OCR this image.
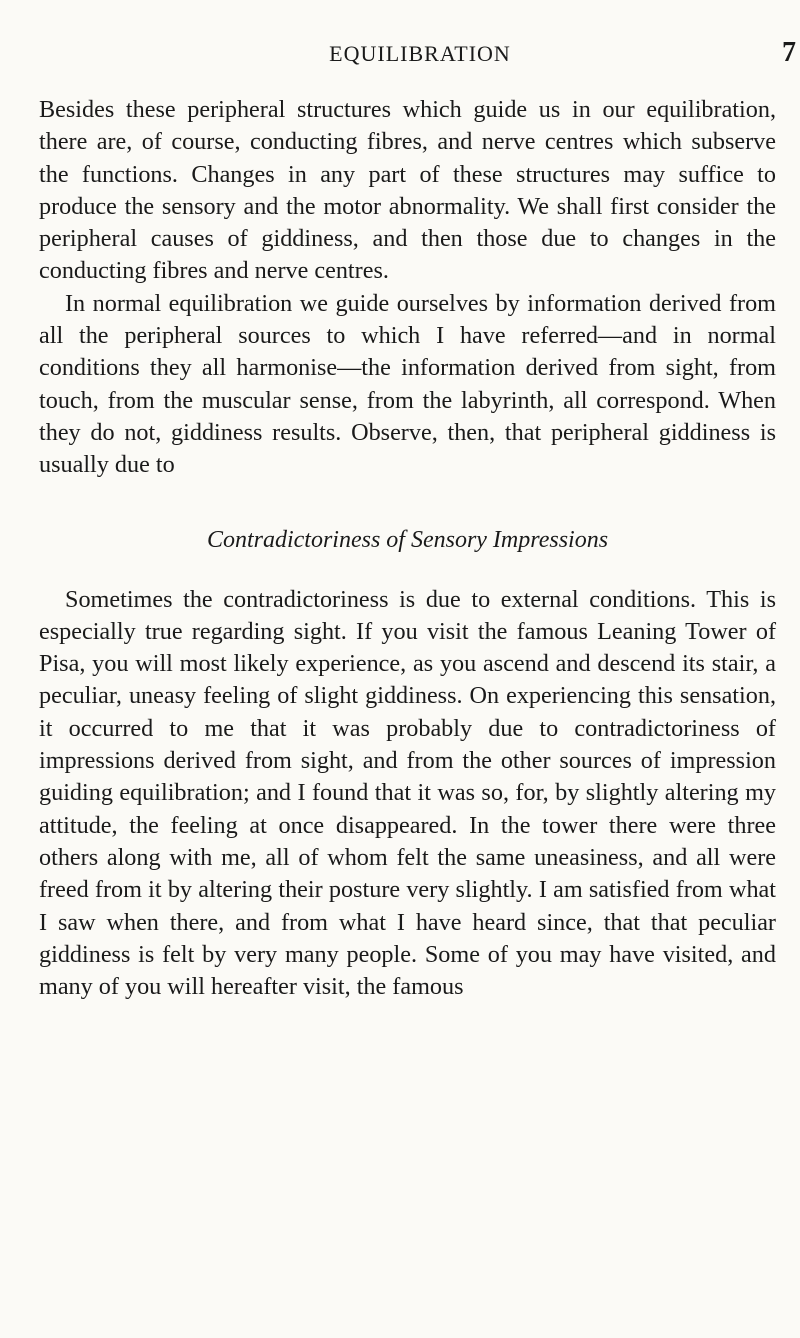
EQUILIBRATION	7

Besides these peripheral structures which guide us in our equilibration, there are, of course, conducting fibres, and nerve centres which subserve the functions. Changes in any part of these structures may suffice to produce the sensory and the motor abnormality. We shall first consider the peripheral causes of giddiness, and then those due to changes in the conducting fibres and nerve centres.

In normal equilibration we guide ourselves by information derived from all the peripheral sources to which I have referred—and in normal conditions they all harmonise—the information derived from sight, from touch, from the muscular sense, from the labyrinth, all correspond. When they do not, giddiness results. Observe, then, that peripheral giddiness is usually due to

Contradictoriness of Sensory Impressions

Sometimes the contradictoriness is due to external conditions. This is especially true regarding sight. If you visit the famous Leaning Tower of Pisa, you will most likely experience, as you ascend and descend its stair, a peculiar, uneasy feeling of slight giddiness. On experiencing this sensation, it occurred to me that it was probably due to contradictoriness of impressions derived from sight, and from the other sources of impression guiding equilibration; and I found that it was so, for, by slightly altering my attitude, the feeling at once disappeared. In the tower there were three others along with me, all of whom felt the same uneasiness, and all were freed from it by altering their posture very slightly. I am satisfied from what I saw when there, and from what I have heard since, that that peculiar giddiness is felt by very many people. Some of you may have visited, and many of you will hereafter visit, the famous
